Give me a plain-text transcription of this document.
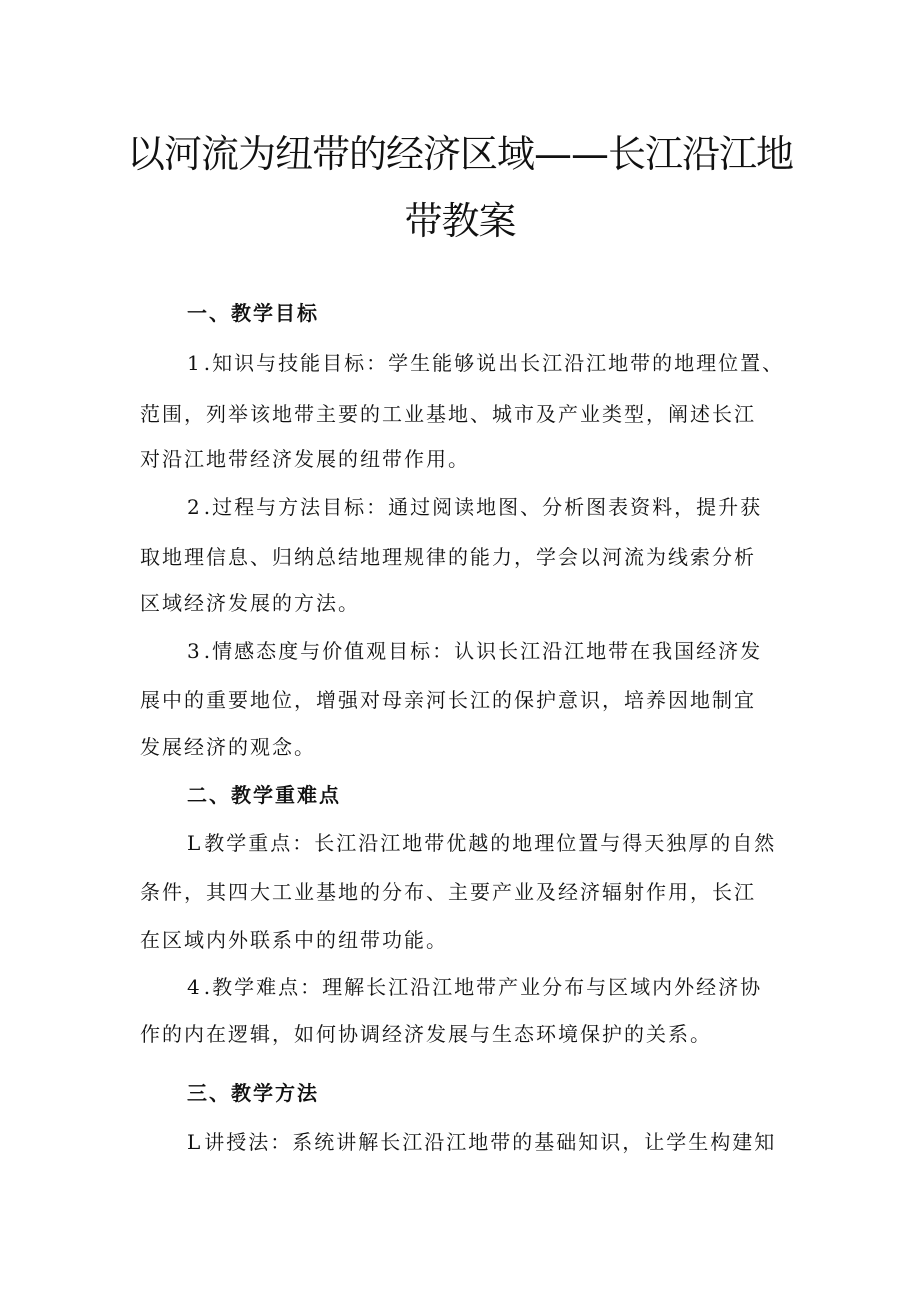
以河流为纽带的经济区域——长江沿江地
带教案
一、教学目标
1 .知识与技能目标：学生能够说出长江沿江地带的地理位置、
范围，列举该地带主要的工业基地、城市及产业类型，阐述长江
对沿江地带经济发展的纽带作用。
2 .过程与方法目标：通过阅读地图、分析图表资料，提升获
取地理信息、归纳总结地理规律的能力，学会以河流为线索分析
区域经济发展的方法。
3 .情感态度与价值观目标：认识长江沿江地带在我国经济发
展中的重要地位，增强对母亲河长江的保护意识，培养因地制宜
发展经济的观念。
二、教学重难点
L 教学重点：长江沿江地带优越的地理位置与得天独厚的自然
条件，其四大工业基地的分布、主要产业及经济辐射作用，长江
在区域内外联系中的纽带功能。
4 .教学难点：理解长江沿江地带产业分布与区域内外经济协
作的内在逻辑，如何协调经济发展与生态环境保护的关系。
三、教学方法
L 讲授法：系统讲解长江沿江地带的基础知识，让学生构建知
